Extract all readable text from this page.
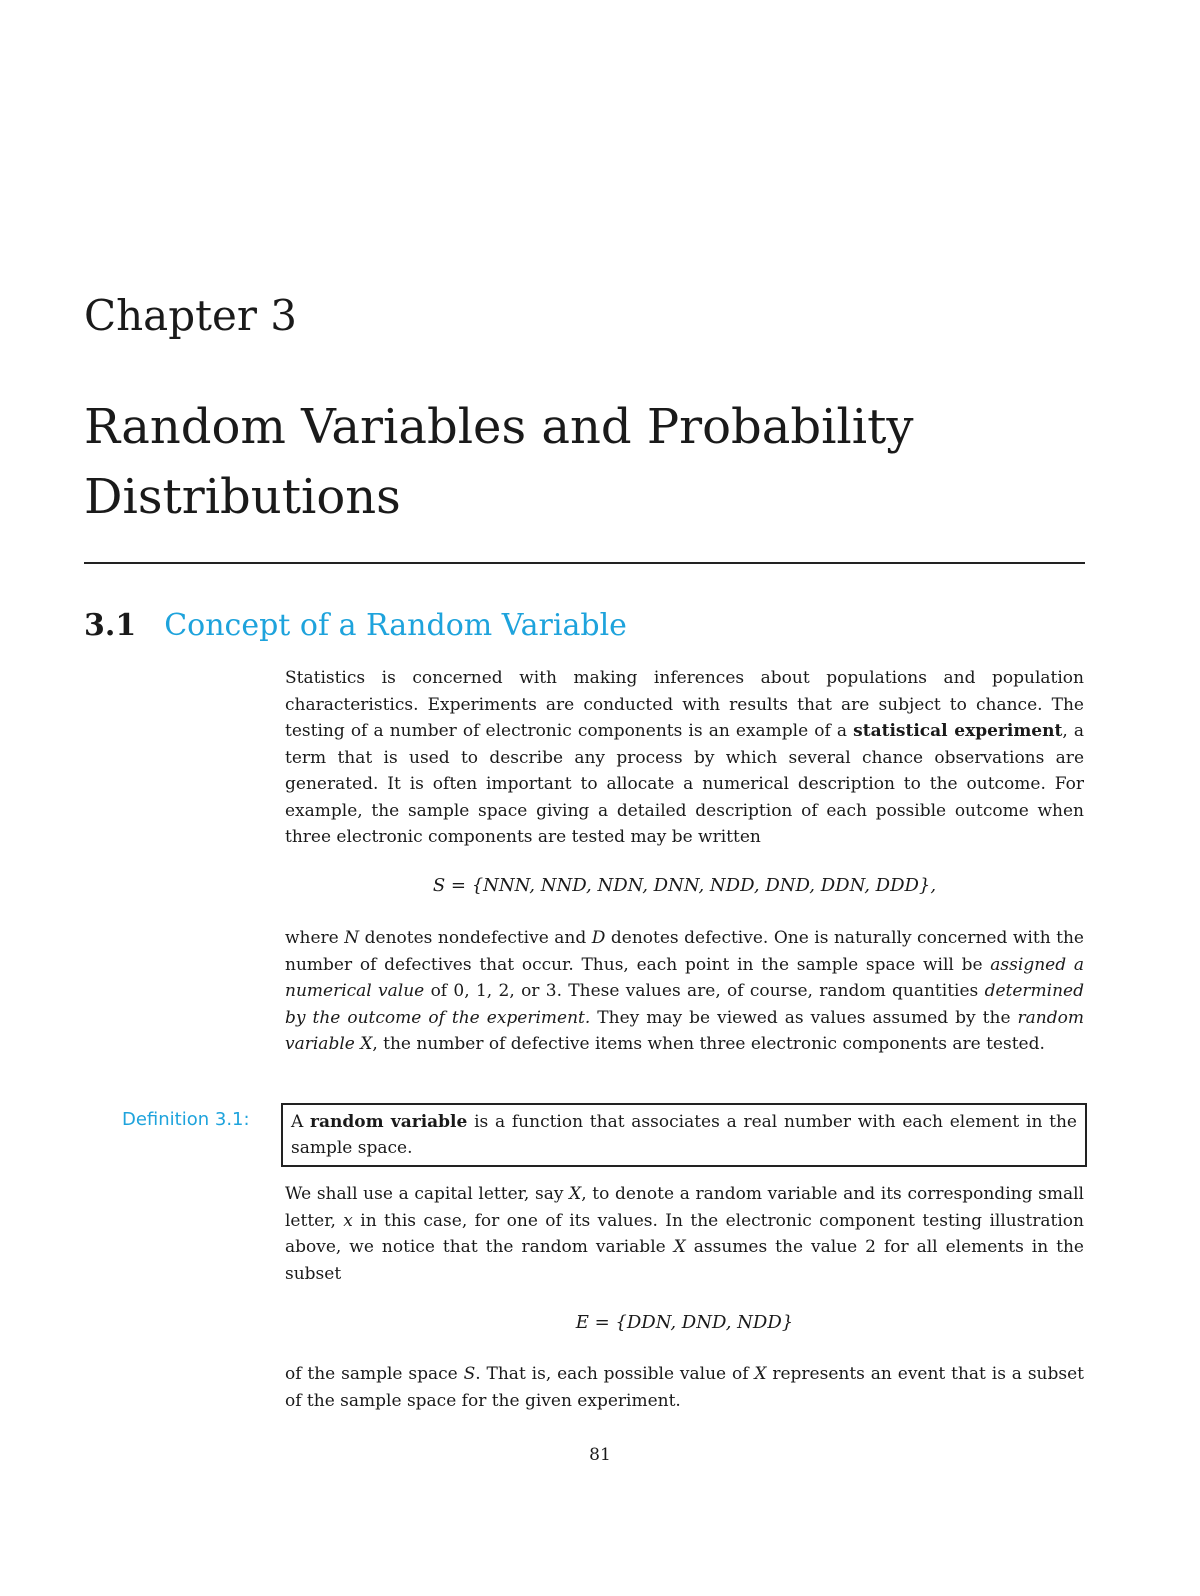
Chapter 3
Random Variables and Probability Distributions
3.1 Concept of a Random Variable

Statistics is concerned with making inferences about populations and population characteristics. Experiments are conducted with results that are subject to chance. The testing of a number of electronic components is an example of a statistical experiment, a term that is used to describe any process by which several chance observations are generated. It is often important to allocate a numerical description to the outcome. For example, the sample space giving a detailed description of each possible outcome when three electronic components are tested may be written

S = {NNN, NND, NDN, DNN, NDD, DND, DDN, DDD},

where N denotes nondefective and D denotes defective. One is naturally concerned with the number of defectives that occur. Thus, each point in the sample space will be assigned a numerical value of 0, 1, 2, or 3. These values are, of course, random quantities determined by the outcome of the experiment. They may be viewed as values assumed by the random variable X, the number of defective items when three electronic components are tested.

Definition 3.1:	A random variable is a function that associates a real number with each element in the sample space.

We shall use a capital letter, say X, to denote a random variable and its corresponding small letter, x in this case, for one of its values. In the electronic component testing illustration above, we notice that the random variable X assumes the value 2 for all elements in the subset

E = {DDN, DND, NDD}

of the sample space S. That is, each possible value of X represents an event that is a subset of the sample space for the given experiment.

81
